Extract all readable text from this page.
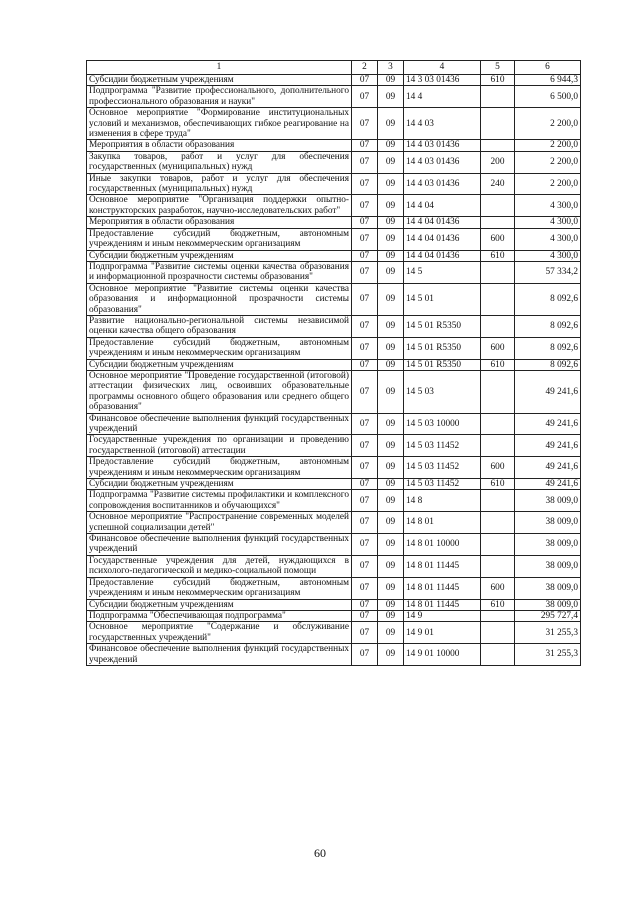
1	2	3	4	5	6
Субсидии бюджетным учреждениям	07	09	14 3 03 01436	610	6 944,3
Подпрограмма "Развитие профессионального, дополнительного профессионального образования и науки"	07	09	14 4		6 500,0
Основное мероприятие "Формирование институциональных условий и механизмов, обеспечивающих гибкое реагирование на изменения в сфере труда"	07	09	14 4 03		2 200,0
Мероприятия в области образования	07	09	14 4 03 01436		2 200,0
Закупка товаров, работ и услуг для обеспечения государственных (муниципальных) нужд	07	09	14 4 03 01436	200	2 200,0
Иные закупки товаров, работ и услуг для обеспечения государственных (муниципальных) нужд	07	09	14 4 03 01436	240	2 200,0
Основное мероприятие "Организация поддержки опытно-конструкторских разработок, научно-исследовательских работ"	07	09	14 4 04		4 300,0
Мероприятия в области образования	07	09	14 4 04 01436		4 300,0
Предоставление субсидий бюджетным, автономным учреждениям и иным некоммерческим организациям	07	09	14 4 04 01436	600	4 300,0
Субсидии бюджетным учреждениям	07	09	14 4 04 01436	610	4 300,0
Подпрограмма "Развитие системы оценки качества образования и информационной прозрачности системы образования"	07	09	14 5		57 334,2
Основное мероприятие "Развитие системы оценки качества образования и информационной прозрачности системы образования"	07	09	14 5 01		8 092,6
Развитие национально-региональной системы независимой оценки качества общего образования	07	09	14 5 01 R5350		8 092,6
Предоставление субсидий бюджетным, автономным учреждениям и иным некоммерческим организациям	07	09	14 5 01 R5350	600	8 092,6
Субсидии бюджетным учреждениям	07	09	14 5 01 R5350	610	8 092,6
Основное мероприятие "Проведение государственной (итоговой) аттестации физических лиц, освоивших образовательные программы основного общего образования или среднего общего образования"	07	09	14 5 03		49 241,6
Финансовое обеспечение выполнения функций государственных учреждений	07	09	14 5 03 10000		49 241,6
Государственные учреждения по организации и проведению государственной (итоговой) аттестации	07	09	14 5 03 11452		49 241,6
Предоставление субсидий бюджетным, автономным учреждениям и иным некоммерческим организациям	07	09	14 5 03 11452	600	49 241,6
Субсидии бюджетным учреждениям	07	09	14 5 03 11452	610	49 241,6
Подпрограмма "Развитие системы профилактики и комплексного сопровождения воспитанников и обучающихся"	07	09	14 8		38 009,0
Основное мероприятие "Распространение современных моделей успешной социализации детей"	07	09	14 8 01		38 009,0
Финансовое обеспечение выполнения функций государственных учреждений	07	09	14 8 01 10000		38 009,0
Государственные учреждения для детей, нуждающихся в психолого-педагогической и медико-социальной помощи	07	09	14 8 01 11445		38 009,0
Предоставление субсидий бюджетным, автономным учреждениям и иным некоммерческим организациям	07	09	14 8 01 11445	600	38 009,0
Субсидии бюджетным учреждениям	07	09	14 8 01 11445	610	38 009,0
Подпрограмма "Обеспечивающая подпрограмма"	07	09	14 9		295 727,4
Основное мероприятие "Содержание и обслуживание государственных учреждений"	07	09	14 9 01		31 255,3
Финансовое обеспечение выполнения функций государственных учреждений	07	09	14 9 01 10000		31 255,3
60
